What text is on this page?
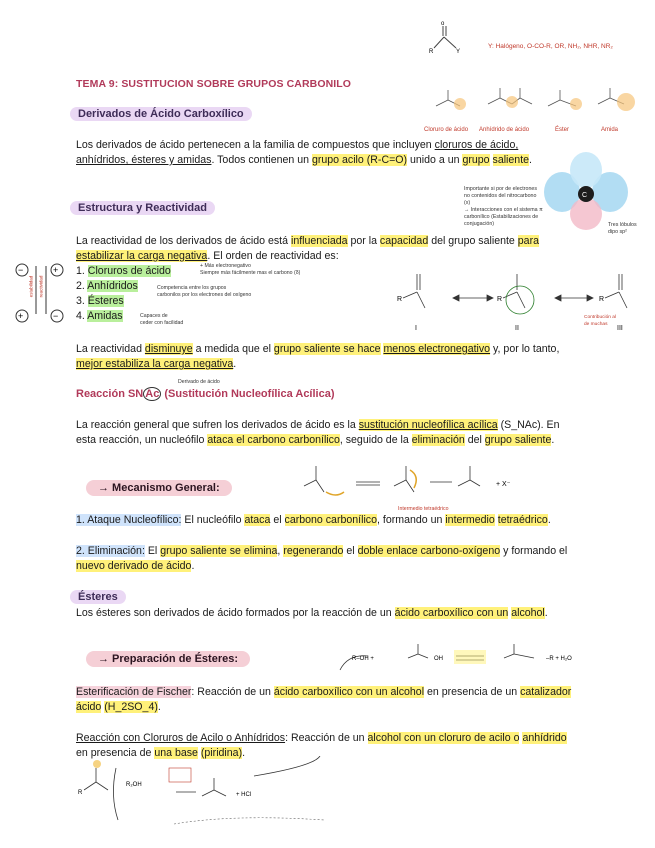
o
R	Y
Y: Halógeno, O-CO-R, OR, NH₂, NHR, NR₂
TEMA 9: SUSTITUCION SOBRE GRUPOS CARBONILO
Cloruro de ácido Anhídrido de ácido	Éster	Amida
Derivados de Ácido Carboxílico

Los derivados de ácido pertenecen a la familia de compuestos que incluyen cloruros de ácido, anhídridos, ésteres y amidas. Todos contienen un grupo acilo (R-C=O) unido a un grupo saliente.

C
Importante si por de electrones no contenidos del nitrocarbono (x)
→ Interacciones con el sistema π carbonílico (Estabilizaciones de conjugación)	Tres lóbulos dipo sp²
Estructura y Reactividad

La reactividad de los derivados de ácido está influenciada por la capacidad del grupo saliente para estabilizar la carga negativa. El orden de reactividad es:

−
+
+
−
estabilidad reactividad
1. Cloruros de ácido
2. Anhídridos
3. Ésteres
4. Amidas
+ Más electronegativo
Siempre más fácilmente mas el carbono (δ)
Competencia entre los grupos
carbonilos por los electrones del oxígeno
Capaces de
ceder con facilidad
R	R	R
I	II	III
Contribución al
de muchas

La reactividad disminuye a medida que el grupo saliente se hace menos electronegativo y, por lo tanto, mejor estabiliza la carga negativa.

Derivado de ácido
Reacción SN Ac (Sustitución Nucleofílica Acílica)

La reacción general que sufren los derivados de ácido es la sustitución nucleofílica acílica (S_NAc). En esta reacción, un nucleófilo ataca el carbono carbonílico, seguido de la eliminación del grupo saliente.

→ Mecanismo General:	+ X⁻
Intermedio tetraédrico

1. Ataque Nucleofílico: El nucleófilo ataca el carbono carbonílico, formando un intermedio tetraédrico.

2. Eliminación: El grupo saliente se elimina, regenerando el doble enlace carbono-oxígeno y formando el nuevo derivado de ácido.

Ésteres

Los ésteres son derivados de ácido formados por la reacción de un ácido carboxílico con un alcohol.

→ Preparación de Ésteres:	R–OH +	OH	–R + H₂O

Esterificación de Fischer: Reacción de un ácido carboxílico con un alcohol en presencia de un catalizador ácido (H_2SO_4).

Reacción con Cloruros de Acilo o Anhídridos: Reacción de un alcohol con un cloruro de acilo o anhídrido en presencia de una base (piridina).

R
R₂OH
+ HCl
